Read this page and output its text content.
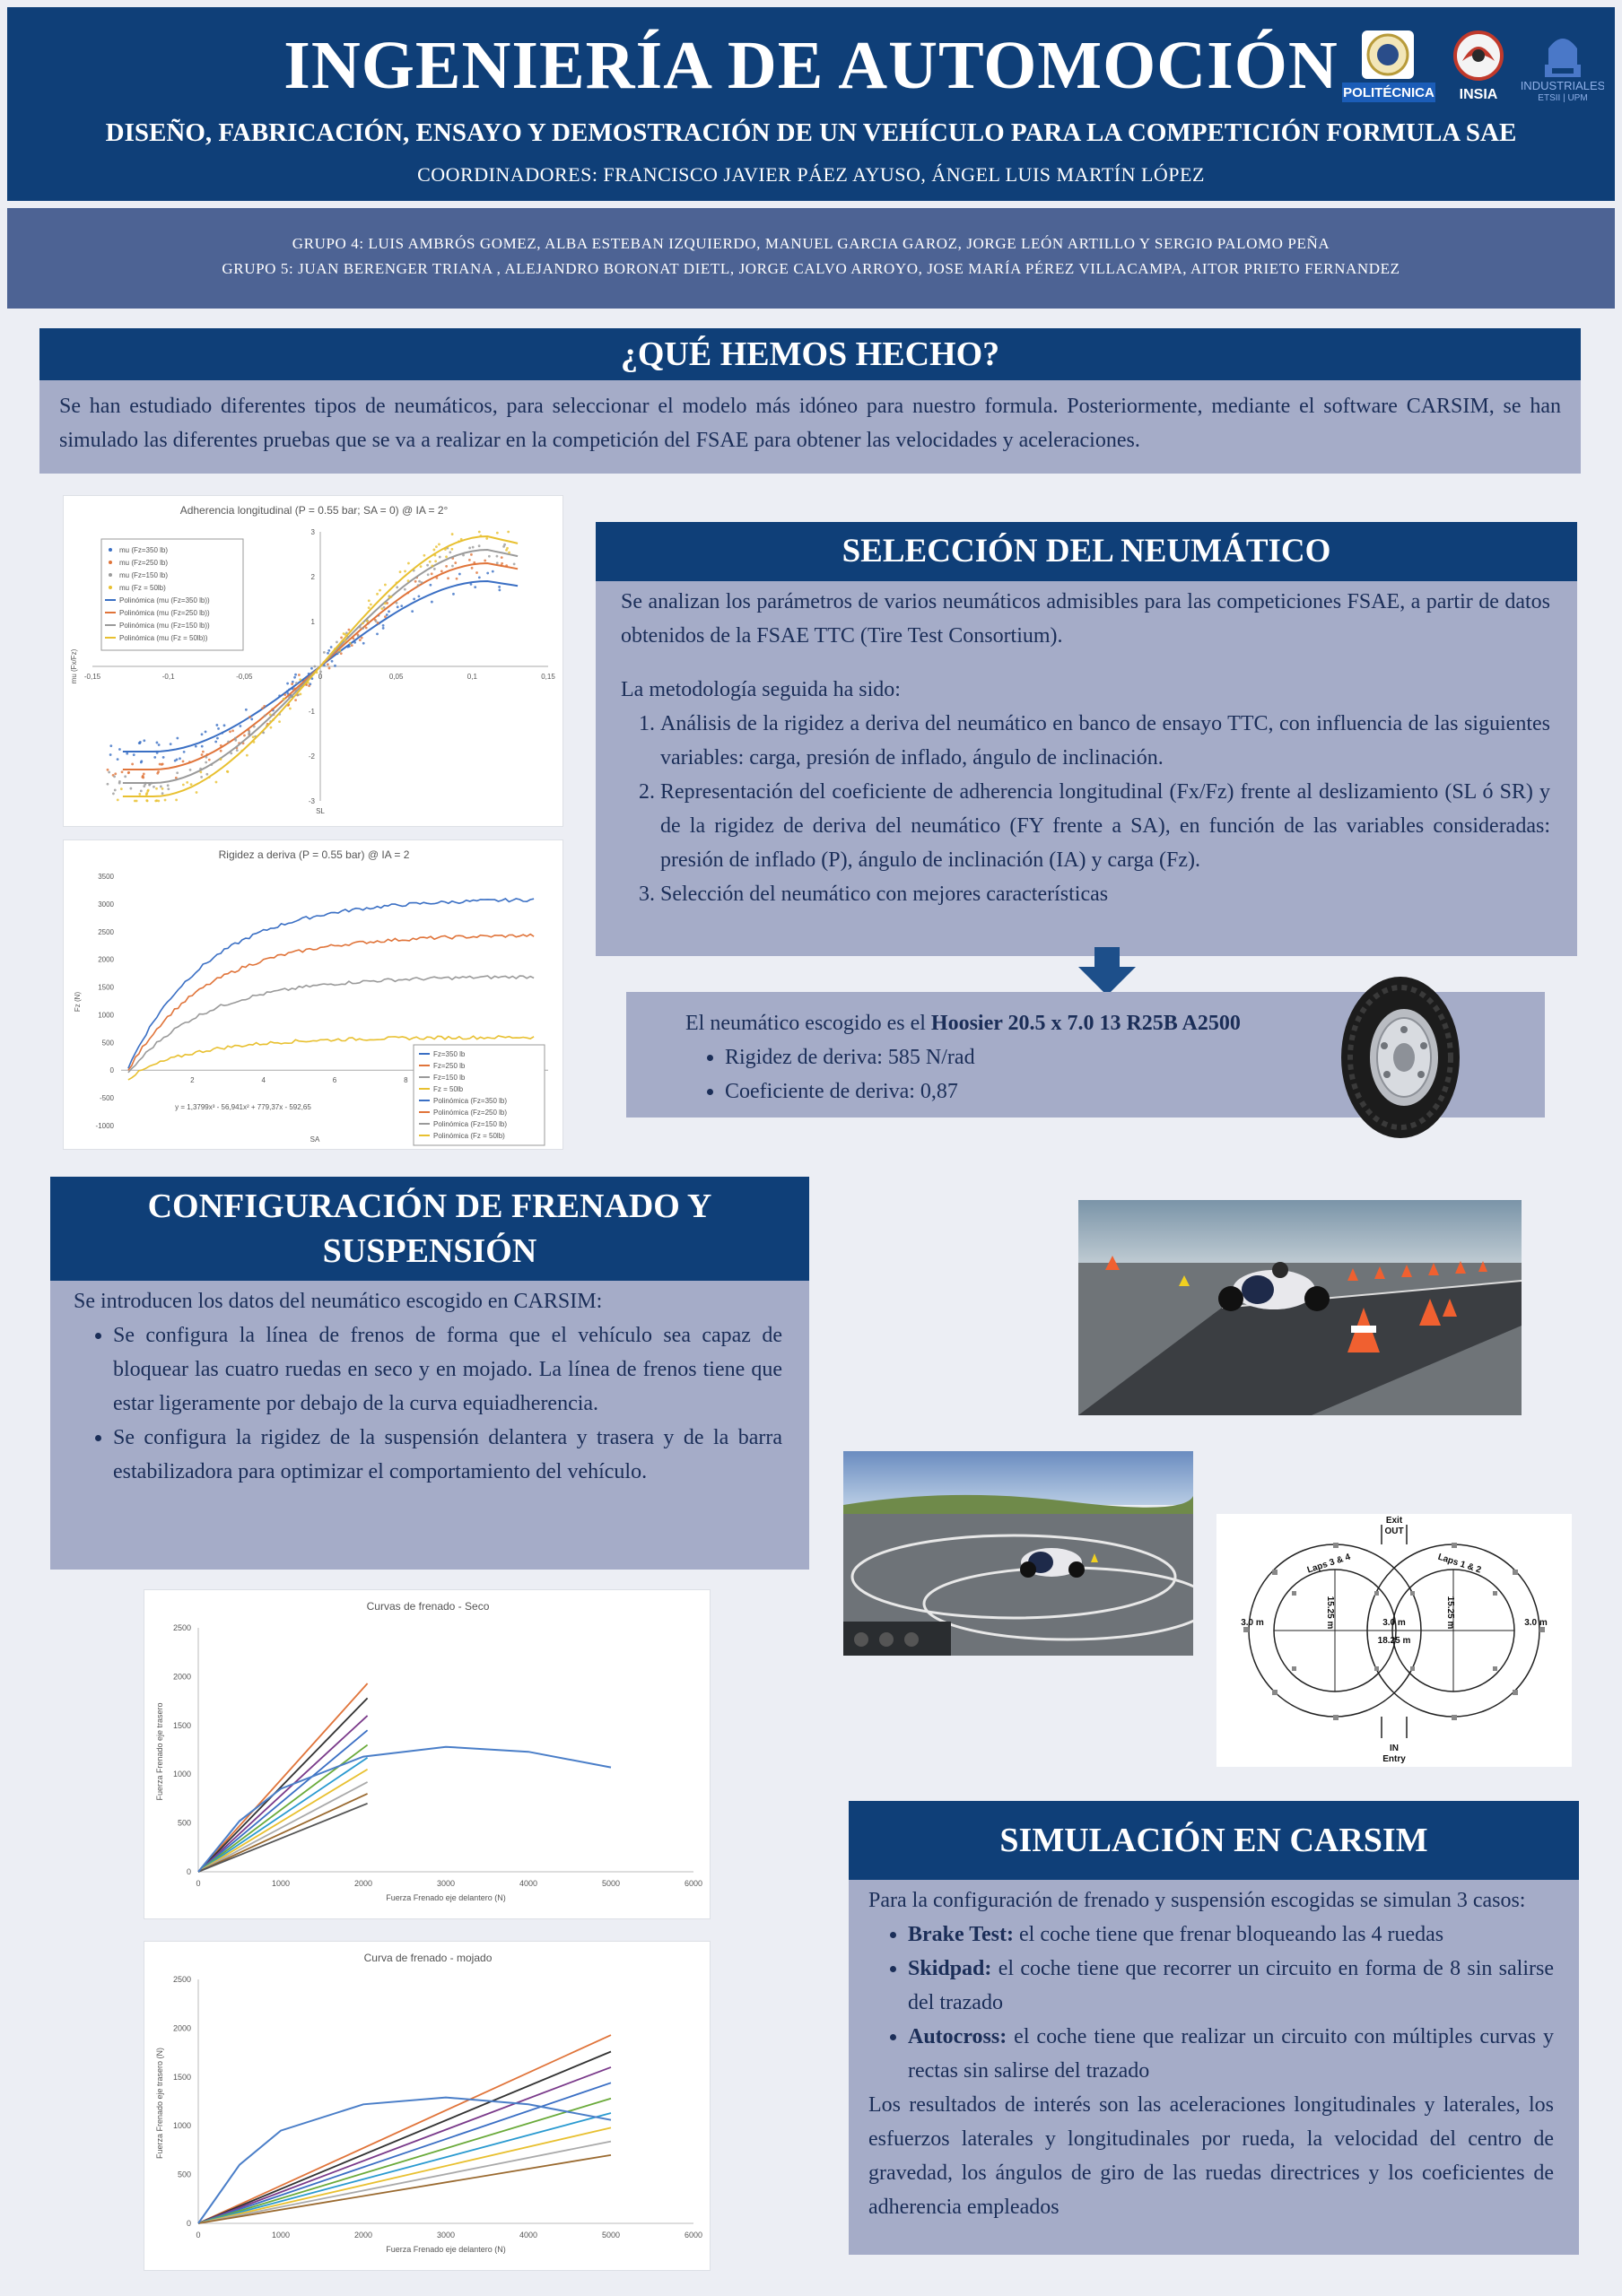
INGENIERÍA DE AUTOMOCIÓN
DISEÑO, FABRICACIÓN, ENSAYO Y DEMOSTRACIÓN DE UN VEHÍCULO PARA LA COMPETICIÓN FORMULA SAE
COORDINADORES: FRANCISCO JAVIER PÁEZ AYUSO, ÁNGEL LUIS MARTÍN LÓPEZ
POLITÉCNICA INSIA
INDUSTRIALES
ETSII | UPM
GRUPO 4: LUIS AMBRÓS GOMEZ, ALBA ESTEBAN IZQUIERDO, MANUEL GARCIA GAROZ, JORGE LEÓN ARTILLO Y SERGIO PALOMO PEÑA
GRUPO 5: JUAN BERENGER TRIANA , ALEJANDRO BORONAT DIETL, JORGE CALVO ARROYO, JOSE MARÍA PÉREZ VILLACAMPA, AITOR PRIETO FERNANDEZ
¿QUÉ HEMOS HECHO?
Se han estudiado diferentes tipos de neumáticos, para seleccionar el modelo más idóneo para nuestro formula. Posteriormente, mediante el software CARSIM, se han simulado las diferentes pruebas que se va a realizar en la competición del FSAE para obtener las velocidades y aceleraciones.
Adherencia longitudinal (P = 0.55 bar; SA = 0) @ IA = 2°
-0,15	-0,1	-0,05	0	0,05	0,1	0,15
-3
-2
-1
1
2
3
SL
mu (Fx/Fz)
mu (Fz=350 lb)
mu (Fz=250 lb)
mu (Fz=150 lb)
mu (Fz = 50lb)
Polinómica (mu (Fz=350 lb))
Polinómica (mu (Fz=250 lb))
Polinómica (mu (Fz=150 lb))
Polinómica (mu (Fz = 50lb))
Rigidez a deriva (P = 0.55 bar) @ IA = 2
3500
3000
2500
2000
1500
1000
500
0
-500
-1000
2	4	6	8
SA
Fz (N)
y = 1,3799x³ - 56,941x² + 779,37x - 592,65
Fz=350 lb
Fz=250 lb
Fz=150 lb
Fz = 50lb
Polinómica (Fz=350 lb)
Polinómica (Fz=250 lb)
Polinómica (Fz=150 lb)
Polinómica (Fz = 50lb)
SELECCIÓN DEL NEUMÁTICO

Se analizan los parámetros de varios neumáticos admisibles para las competiciones FSAE, a partir de datos obtenidos de la FSAE TTC (Tire Test Consortium).

La metodología seguida ha sido:

1. Análisis de la rigidez a deriva del neumático en banco de ensayo TTC, con influencia de las siguientes variables: carga, presión de inflado, ángulo de inclinación.
2. Representación del coeficiente de adherencia longitudinal (Fx/Fz) frente al deslizamiento (SL ó SR) y de la rigidez de deriva del neumático (FY frente a SA), en función de las variables consideradas: presión de inflado (P), ángulo de inclinación (IA) y carga (Fz).
3. Selección del neumático con mejores características

El neumático escogido es el Hoosier 20.5 x 7.0 13 R25B A2500

• Rigidez de deriva: 585 N/rad
• Coeficiente de deriva: 0,87
CONFIGURACIÓN DE FRENADO Y SUSPENSIÓN

Se introducen los datos del neumático escogido en CARSIM:

• Se configura la línea de frenos de forma que el vehículo sea capaz de bloquear las cuatro ruedas en seco y en mojado. La línea de frenos tiene que estar ligeramente por debajo de la curva equiadherencia.
• Se configura la rigidez de la suspensión delantera y trasera y de la barra estabilizadora para optimizar el comportamiento del vehículo.
Exit
OUT
IN
Entry
Laps 3 & 4	Laps 1 & 2
3.0 m	3.0 m	3.0 m
18.25 m
15.25 m	15.25 m
Curvas de frenado - Seco
0	1000	2000	3000	4000	5000	6000
0
500
1000
1500
2000
2500
Fuerza Frenado eje delantero (N)
Fuerza Frenado eje trasero
Curva de frenado - mojado
0	1000	2000	3000	4000	5000	6000
0
500
1000
1500
2000
2500
Fuerza Frenado eje delantero (N)
Fuerza Frenado eje trasero (N)
SIMULACIÓN EN CARSIM

Para la configuración de frenado y suspensión escogidas se simulan 3 casos:

• Brake Test: el coche tiene que frenar bloqueando las 4 ruedas
• Skidpad: el coche tiene que recorrer un circuito en forma de 8 sin salirse del trazado
• Autocross: el coche tiene que realizar un circuito con múltiples curvas y rectas sin salirse del trazado

Los resultados de interés son las aceleraciones longitudinales y laterales, los esfuerzos laterales y longitudinales por rueda, la velocidad del centro de gravedad, los ángulos de giro de las ruedas directrices y los coeficientes de adherencia empleados
